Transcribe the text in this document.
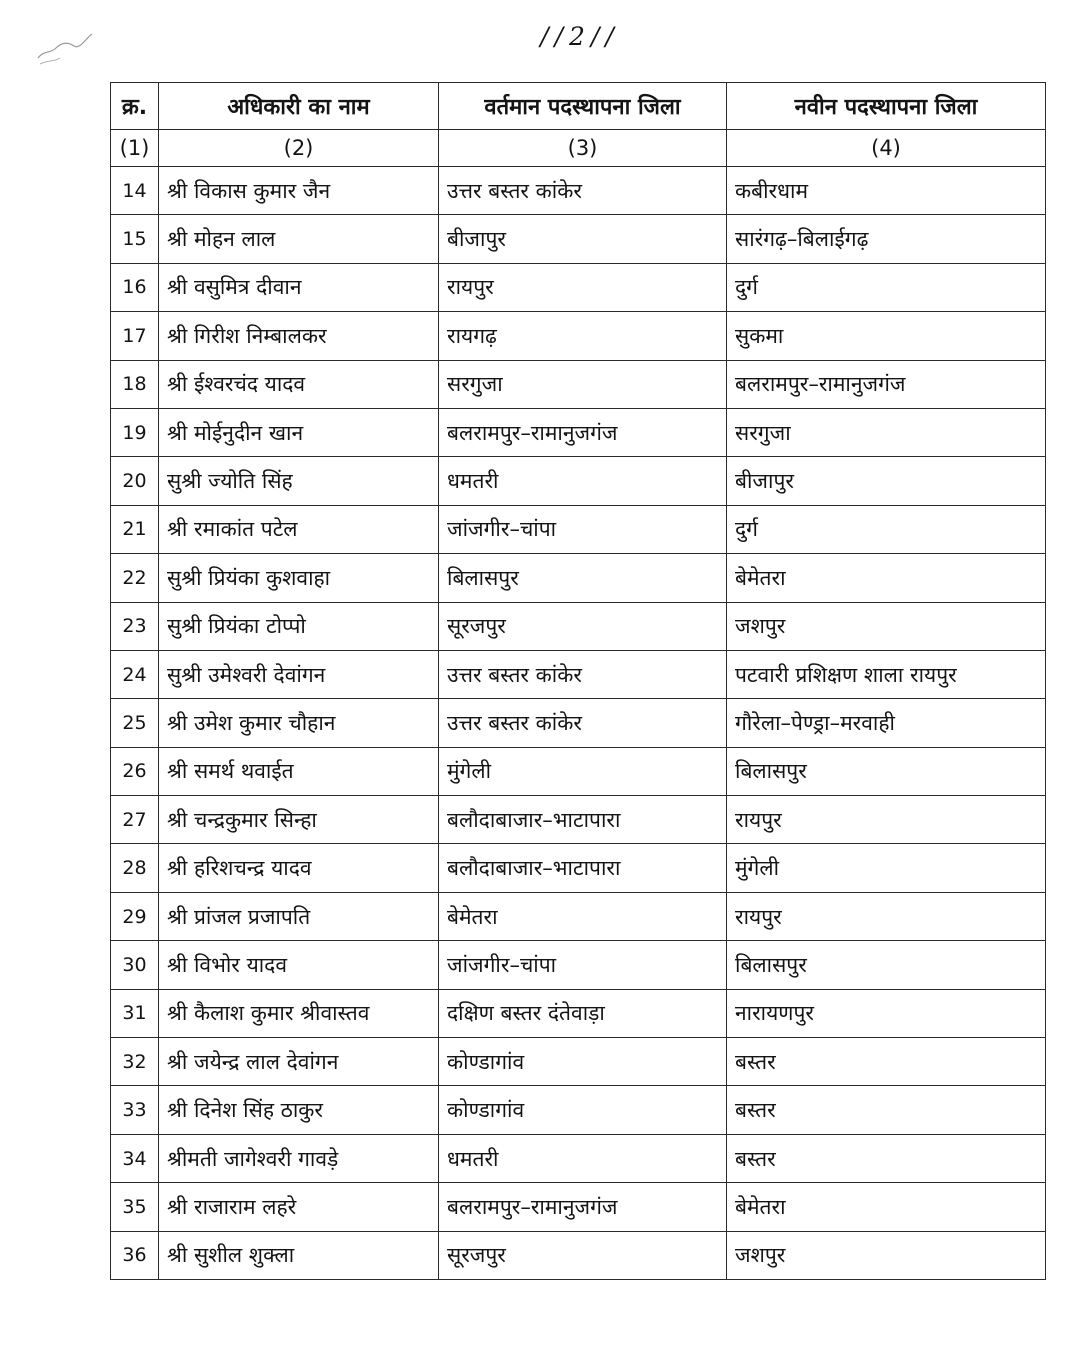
//2//
क्र.	अधिकारी का नाम	वर्तमान पदस्थापना जिला	नवीन पदस्थापना जिला
(1)	(2)	(3)	(4)
14	श्री विकास कुमार जैन	उत्तर बस्तर कांकेर	कबीरधाम
15	श्री मोहन लाल	बीजापुर	सारंगढ़–बिलाईगढ़
16	श्री वसुमित्र दीवान	रायपुर	दुर्ग
17	श्री गिरीश निम्बालकर	रायगढ़	सुकमा
18	श्री ईश्वरचंद यादव	सरगुजा	बलरामपुर–रामानुजगंज
19	श्री मोईनुदीन खान	बलरामपुर–रामानुजगंज	सरगुजा
20	सुश्री ज्योति सिंह	धमतरी	बीजापुर
21	श्री रमाकांत पटेल	जांजगीर–चांपा	दुर्ग
22	सुश्री प्रियंका कुशवाहा	बिलासपुर	बेमेतरा
23	सुश्री प्रियंका टोप्पो	सूरजपुर	जशपुर
24	सुश्री उमेश्वरी देवांगन	उत्तर बस्तर कांकेर	पटवारी प्रशिक्षण शाला रायपुर
25	श्री उमेश कुमार चौहान	उत्तर बस्तर कांकेर	गौरेला–पेण्ड्रा–मरवाही
26	श्री समर्थ थवाईत	मुंगेली	बिलासपुर
27	श्री चन्द्रकुमार सिन्हा	बलौदाबाजार–भाटापारा	रायपुर
28	श्री हरिशचन्द्र यादव	बलौदाबाजार–भाटापारा	मुंगेली
29	श्री प्रांजल प्रजापति	बेमेतरा	रायपुर
30	श्री विभोर यादव	जांजगीर–चांपा	बिलासपुर
31	श्री कैलाश कुमार श्रीवास्तव	दक्षिण बस्तर दंतेवाड़ा	नारायणपुर
32	श्री जयेन्द्र लाल देवांगन	कोण्डागांव	बस्तर
33	श्री दिनेश सिंह ठाकुर	कोण्डागांव	बस्तर
34	श्रीमती जागेश्वरी गावड़े	धमतरी	बस्तर
35	श्री राजाराम लहरे	बलरामपुर–रामानुजगंज	बेमेतरा
36	श्री सुशील शुक्ला	सूरजपुर	जशपुर
